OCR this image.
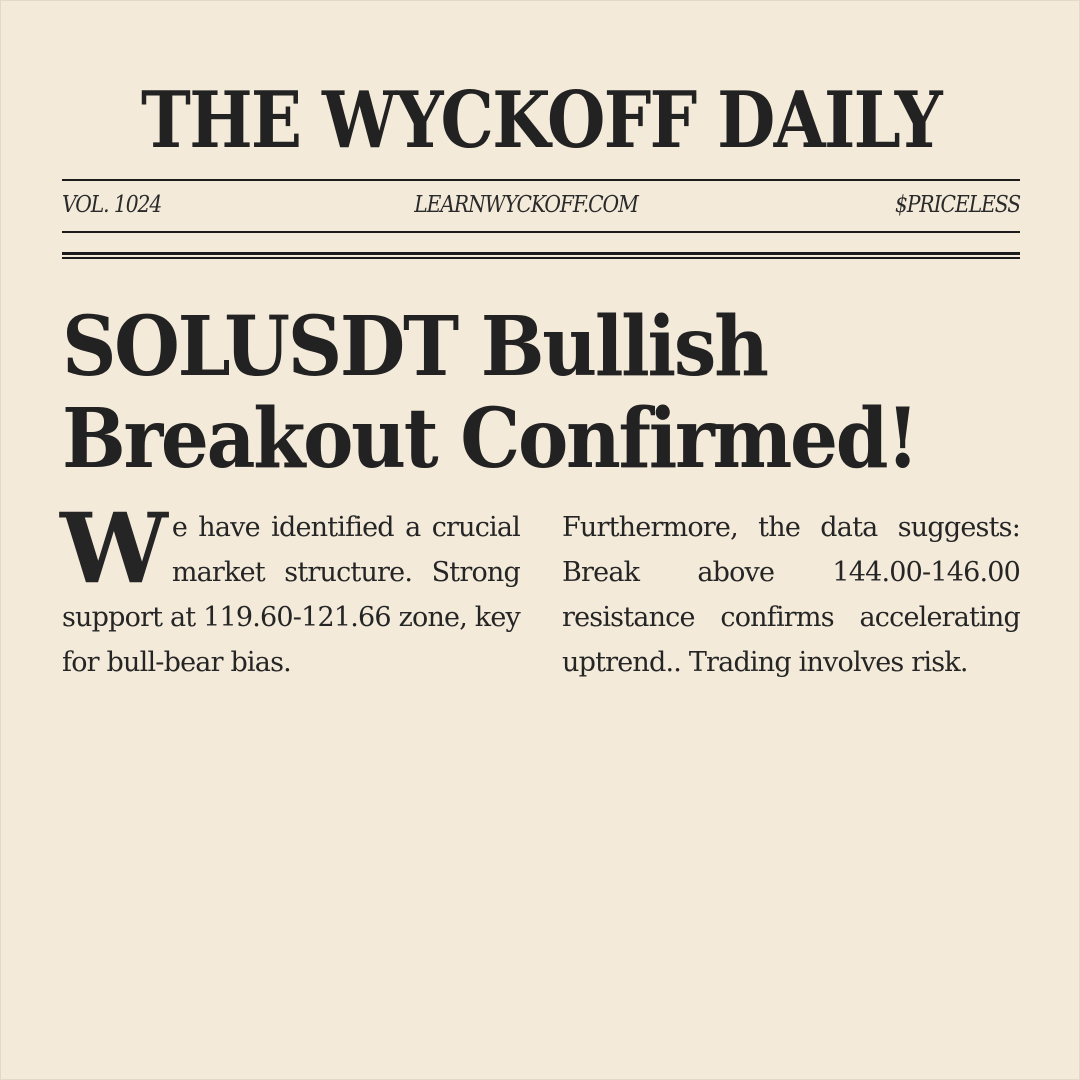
THE WYCKOFF DAILY
VOL. 1024	LEARNWYCKOFF.COM	$PRICELESS
SOLUSDT Bullish Breakout Confirmed!
We have identified a crucial market structure. Strong support at 119.60-121.66 zone, key for bull-bear bias.
Furthermore, the data suggests: Break above 144.00-146.00 resistance confirms accelerating uptrend.. Trading involves risk.
